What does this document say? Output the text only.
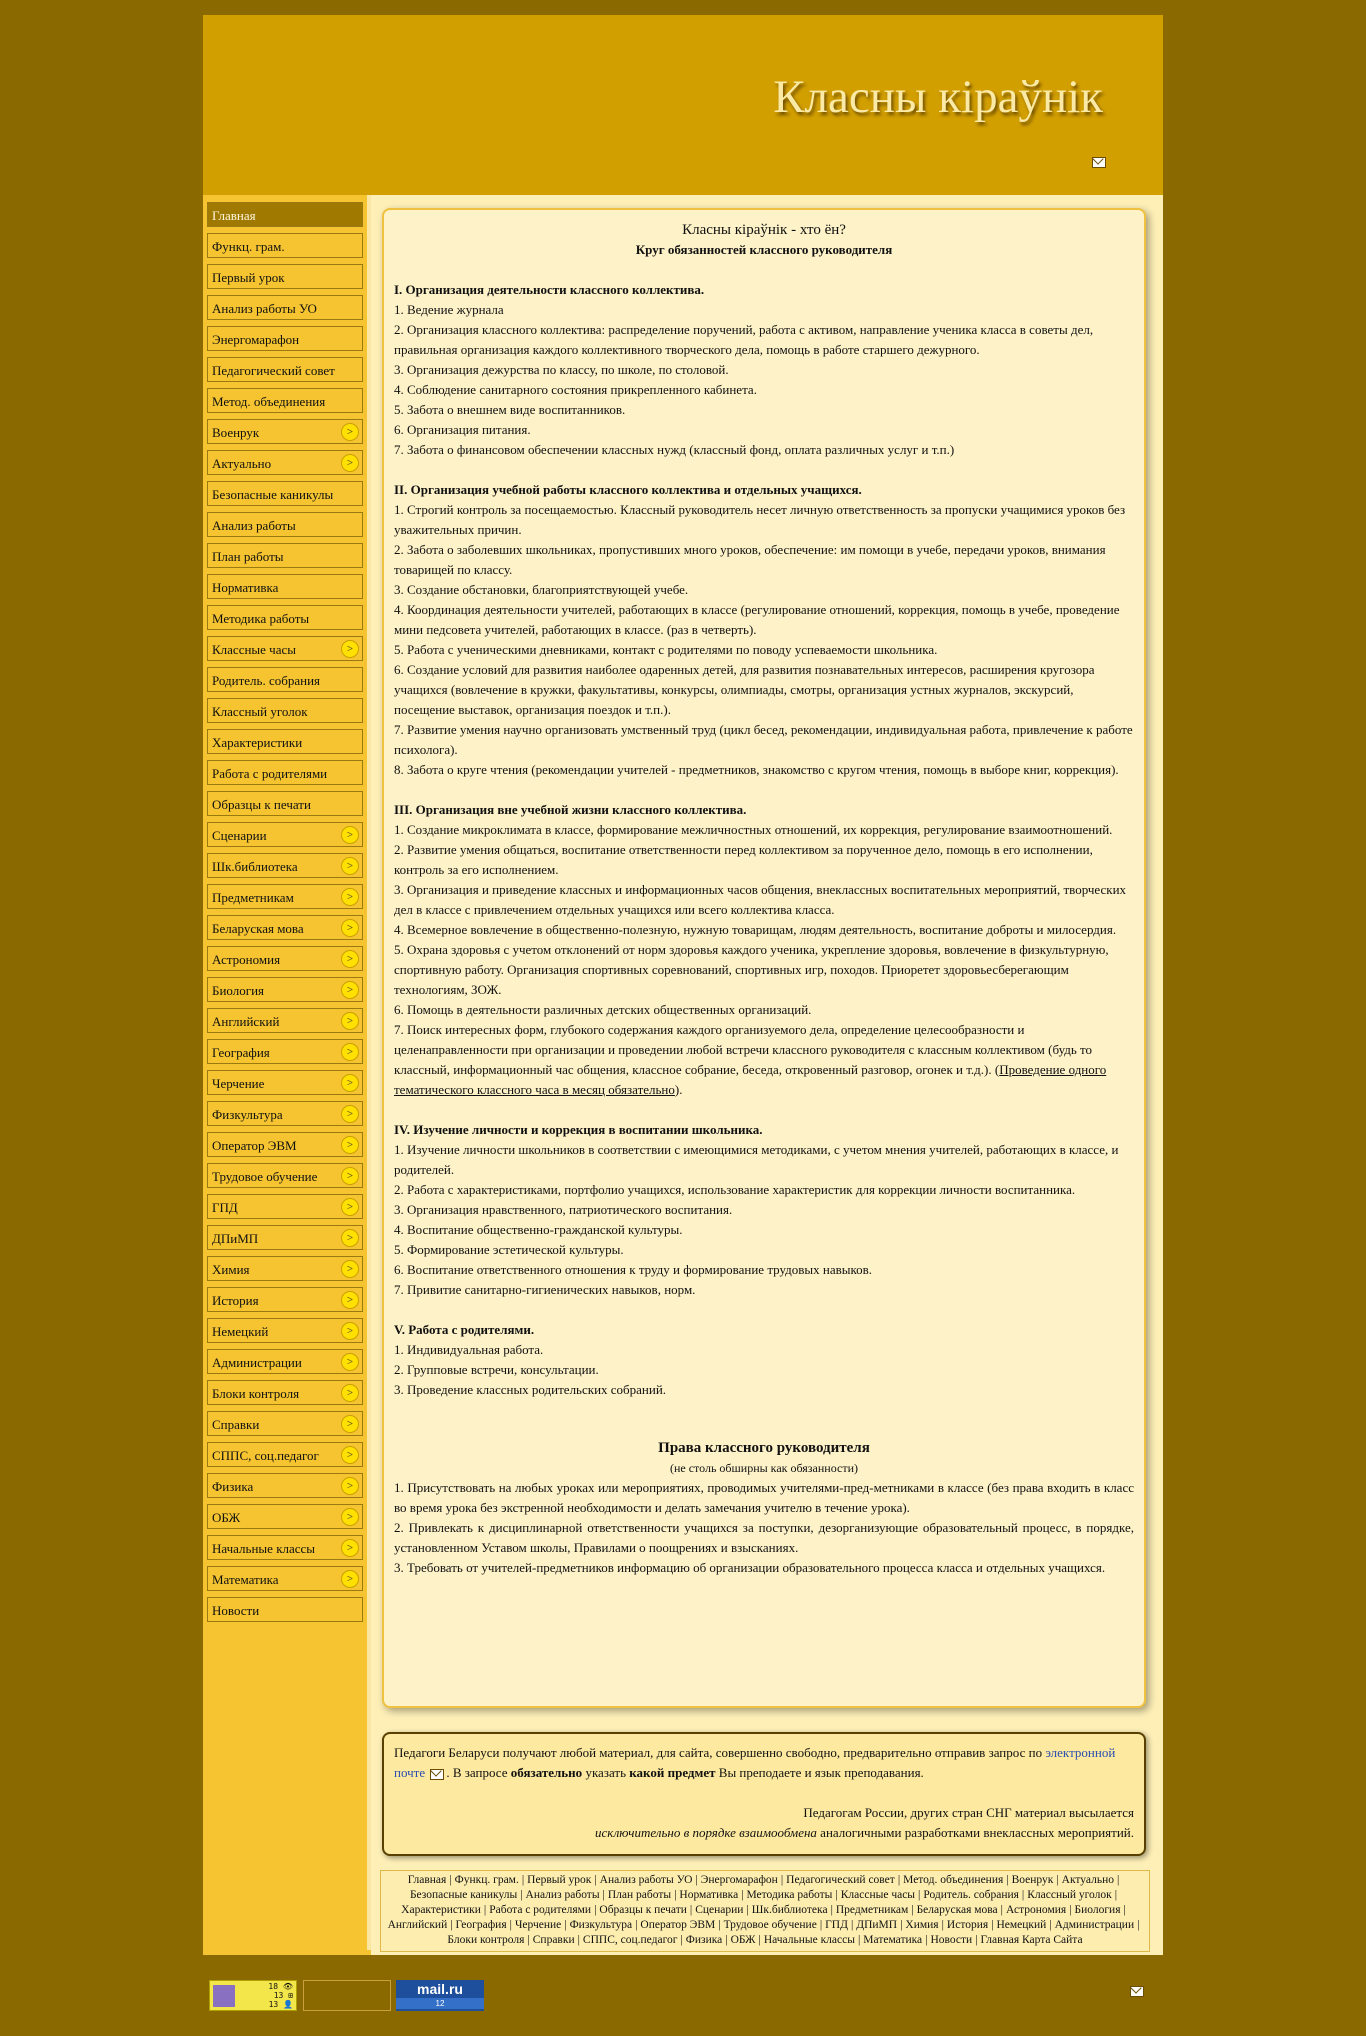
Класны кіраўнік
Главная
Функц. грам.
Первый урок
Анализ работы УО
Энергомарафон
Педагогический совет
Метод. объединения
Военрук	>
Актуально	>
Безопасные каникулы
Анализ работы
План работы
Нормативка
Методика работы
Классные часы	>
Родитель. собрания
Классный уголок
Характеристики
Работа с родителями
Образцы к печати
Сценарии	>
Шк.библиотека	>
Предметникам	>
Беларуская мова	>
Астрономия	>
Биология	>
Английский	>
География	>
Черчение	>
Физкультура	>
Оператор ЭВМ	>
Трудовое обучение	>
ГПД	>
ДПиМП	>
Химия	>
История	>
Немецкий	>
Администрации	>
Блоки контроля	>
Справки	>
СППС, соц.педагог	>
Физика	>
ОБЖ	>
Начальные классы	>
Математика	>
Новости
Класны кіраўнік - хто ён?
Круг обязанностей классного руководителя
I. Организация деятельности классного коллектива.
1. Ведение журнала
2. Организация классного коллектива: распределение поручений, работа с активом, направление ученика класса в советы дел, правильная организация каждого коллективного творческого дела, помощь в работе старшего дежурного.
3. Организация дежурства по классу, по школе, по столовой.
4. Соблюдение санитарного состояния прикрепленного кабинета.
5. Забота о внешнем виде воспитанников.
6. Организация питания.
7. Забота о финансовом обеспечении классных нужд (классный фонд, оплата различных услуг и т.п.)
II. Организация учебной работы классного коллектива и отдельных учащихся.
1. Строгий контроль за посещаемостью. Классный руководитель несет личную ответственность за пропуски учащимися уроков без уважительных причин.
2. Забота о заболевших школьниках, пропустивших много уроков, обеспечение: им помощи в учебе, передачи уроков, внимания товарищей по классу.
3. Создание обстановки, благоприятствующей учебе.
4. Координация деятельности учителей, работающих в классе (регулирование отношений, коррекция, помощь в учебе, проведение мини педсовета учителей, работающих в классе. (раз в четверть).
5. Работа с ученическими дневниками, контакт с родителями по поводу успеваемости школьника.
6. Создание условий для развития наиболее одаренных детей, для развития познавательных интересов, расширения кругозора учащихся (вовлечение в кружки, факультативы, конкурсы, олимпиады, смотры, организация устных журналов, экскурсий, посещение выставок, организация поездок и т.п.).
7. Развитие умения научно организовать умственный труд (цикл бесед, рекомендации, индивидуальная работа, привлечение к работе психолога).
8. Забота о круге чтения (рекомендации учителей - предметников, знакомство с кругом чтения, помощь в выборе книг, коррекция).
III. Организация вне учебной жизни классного коллектива.
1. Создание микроклимата в классе, формирование межличностных отношений, их коррекция, регулирование взаимоотношений.
2. Развитие умения общаться, воспитание ответственности перед коллективом за порученное дело, помощь в его исполнении, контроль за его исполнением.
3. Организация и приведение классных и информационных часов общения, внеклассных воспитательных мероприятий, творческих дел в классе с привлечением отдельных учащихся или всего коллектива класса.
4. Всемерное вовлечение в общественно-полезную, нужную товарищам, людям деятельность, воспитание доброты и милосердия.
5. Охрана здоровья с учетом отклонений от норм здоровья каждого ученика, укрепление здоровья, вовлечение в физкультурную, спортивную работу. Организация спортивных соревнований, спортивных игр, походов. Приоретет здоровьесберегающим технологиям, ЗОЖ.
6. Помощь в деятельности различных детских общественных организаций.
7. Поиск интересных форм, глубокого содержания каждого организуемого дела, определение целесообразности и целенаправленности при организации и проведении любой встречи классного руководителя с классным коллективом (будь то классный, информационный час общения, классное собрание, беседа, откровенный разговор, огонек и т.д.). (Проведение одного тематического классного часа в месяц обязательно).
IV. Изучение личности и коррекция в воспитании школьника.
1. Изучение личности школьников в соответствии с имеющимися методиками, с учетом мнения учителей, работающих в классе, и родителей.
2. Работа с характеристиками, портфолио учащихся, использование характеристик для коррекции личности воспитанника.
3. Организация нравственного, патриотического воспитания.
4. Воспитание общественно-гражданской культуры.
5. Формирование эстетической культуры.
6. Воспитание ответственного отношения к труду и формирование трудовых навыков.
7. Привитие санитарно-гигиенических навыков, норм.
V. Работа с родителями.
1. Индивидуальная работа.
2. Групповые встречи, консультации.
3. Проведение классных родительских собраний.
Права классного руководителя
(не столь обширны как обязанности)

1. Присутствовать на любых уроках или мероприятиях, проводимых учителями-пред-метниками в классе (без права входить в класс во время урока без экстренной необходимости и делать замечания учителю в течение урока).

2. Привлекать к дисциплинарной ответственности учащихся за поступки, дезорганизующие образовательный процесс, в порядке, установленном Уставом школы, Правилами о поощрениях и взысканиях.

3. Требовать от учителей-предметников информацию об организации образовательного процесса класса и отдельных учащихся.

Педагоги Беларуси получают любой материал, для сайта, совершенно свободно, предварительно отправив запрос по электронной почте . В запросе обязательно указать какой предмет Вы преподаете и язык преподавания.
Педагогам России, других стран СНГ материал высылается
исключительно в порядке взаимообмена аналогичными разработками внеклассных мероприятий.
Главная | Функц. грам. | Первый урок | Анализ работы УО | Энергомарафон | Педагогический совет | Метод. объединения | Военрук | Актуально |Безопасные каникулы | Анализ работы | План работы | Нормативка | Методика работы | Классные часы | Родитель. собрания | Классный уголок |Характеристики | Работа с родителями | Образцы к печати | Сценарии | Шк.библиотека | Предметникам | Беларуская мова | Астрономия | Биология |Английский | География | Черчение | Физкультура | Оператор ЭВМ | Трудовое обучение | ГПД | ДПиМП | Химия | История | Немецкий | Администрации |Блоки контроля | Справки | СППС, соц.педагог | Физика | ОБЖ | Начальные классы | Математика | Новости | Главная Карта Сайта
18 👁
13 ⊞
13 👤
mail.ru
12
